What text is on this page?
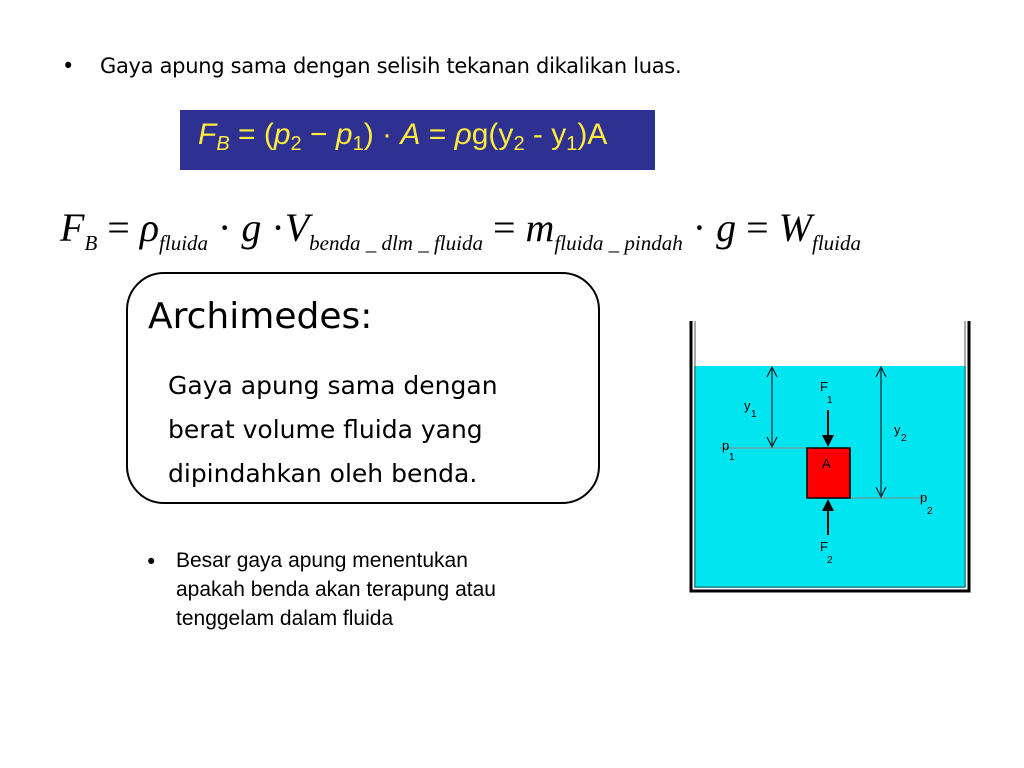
• Gaya apung sama dengan selisih tekanan dikalikan luas.
$F_B = (p_2 - p_1) \cdot A = \rho g(y_2 - y_1)A$
$F_B = \rho_{fluida} \cdot g \cdot V_{benda \_ dlm \_ fluida} = m_{fluida \_ pindah} \cdot g = W_{fluida}$
Archimedes:
Gaya apung sama dengan
berat volume fluida yang
dipindahkan oleh benda.
• Besar gaya apung menentukan
apakah benda akan terapung atau
tenggelam dalam fluida
A
F
1
F
2
y
1
y
2
p
1
p
2
